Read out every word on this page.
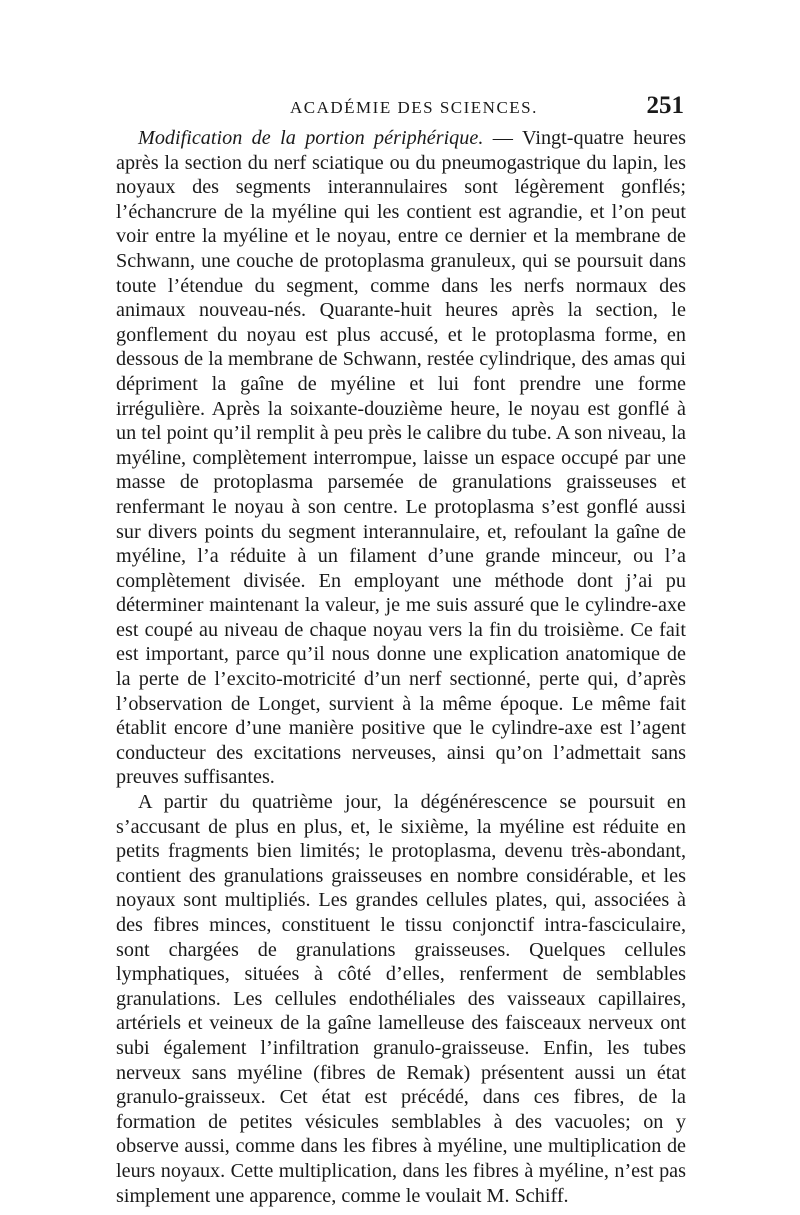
ACADÉMIE DES SCIENCES.	251

Modification de la portion périphérique. — Vingt-quatre heures après la section du nerf sciatique ou du pneumogastrique du lapin, les noyaux des segments interannulaires sont légèrement gonflés; l’échancrure de la myéline qui les contient est agrandie, et l’on peut voir entre la myéline et le noyau, entre ce dernier et la membrane de Schwann, une couche de protoplasma granuleux, qui se poursuit dans toute l’étendue du segment, comme dans les nerfs normaux des animaux nouveau-nés. Quarante-huit heures après la section, le gonflement du noyau est plus accusé, et le protoplasma forme, en dessous de la membrane de Schwann, restée cylindrique, des amas qui dépriment la gaîne de myéline et lui font prendre une forme irrégulière. Après la soixante-douzième heure, le noyau est gonflé à un tel point qu’il remplit à peu près le calibre du tube. A son niveau, la myéline, complètement interrompue, laisse un espace occupé par une masse de protoplasma parsemée de granulations graisseuses et renfermant le noyau à son centre. Le protoplasma s’est gonflé aussi sur divers points du segment interannulaire, et, refoulant la gaîne de myéline, l’a réduite à un filament d’une grande minceur, ou l’a complètement divisée. En employant une méthode dont j’ai pu déterminer maintenant la valeur, je me suis assuré que le cylindre-axe est coupé au niveau de chaque noyau vers la fin du troisième. Ce fait est important, parce qu’il nous donne une explication anatomique de la perte de l’excito-motricité d’un nerf sectionné, perte qui, d’après l’observation de Longet, survient à la même époque. Le même fait établit encore d’une manière positive que le cylindre-axe est l’agent conducteur des excitations nerveuses, ainsi qu’on l’admettait sans preuves suffisantes.

A partir du quatrième jour, la dégénérescence se poursuit en s’accusant de plus en plus, et, le sixième, la myéline est réduite en petits fragments bien limités; le protoplasma, devenu très-abondant, contient des granulations graisseuses en nombre considérable, et les noyaux sont multipliés. Les grandes cellules plates, qui, associées à des fibres minces, constituent le tissu conjonctif intra-fasciculaire, sont chargées de granulations graisseuses. Quelques cellules lymphatiques, situées à côté d’elles, renferment de semblables granulations. Les cellules endothéliales des vaisseaux capillaires, artériels et veineux de la gaîne lamelleuse des faisceaux nerveux ont subi également l’infiltration granulo-graisseuse. Enfin, les tubes nerveux sans myéline (fibres de Remak) présentent aussi un état granulo-graisseux. Cet état est précédé, dans ces fibres, de la formation de petites vésicules semblables à des vacuoles; on y observe aussi, comme dans les fibres à myéline, une multiplication de leurs noyaux. Cette multiplication, dans les fibres à myéline, n’est pas simplement une apparence, comme le voulait M. Schiff.
